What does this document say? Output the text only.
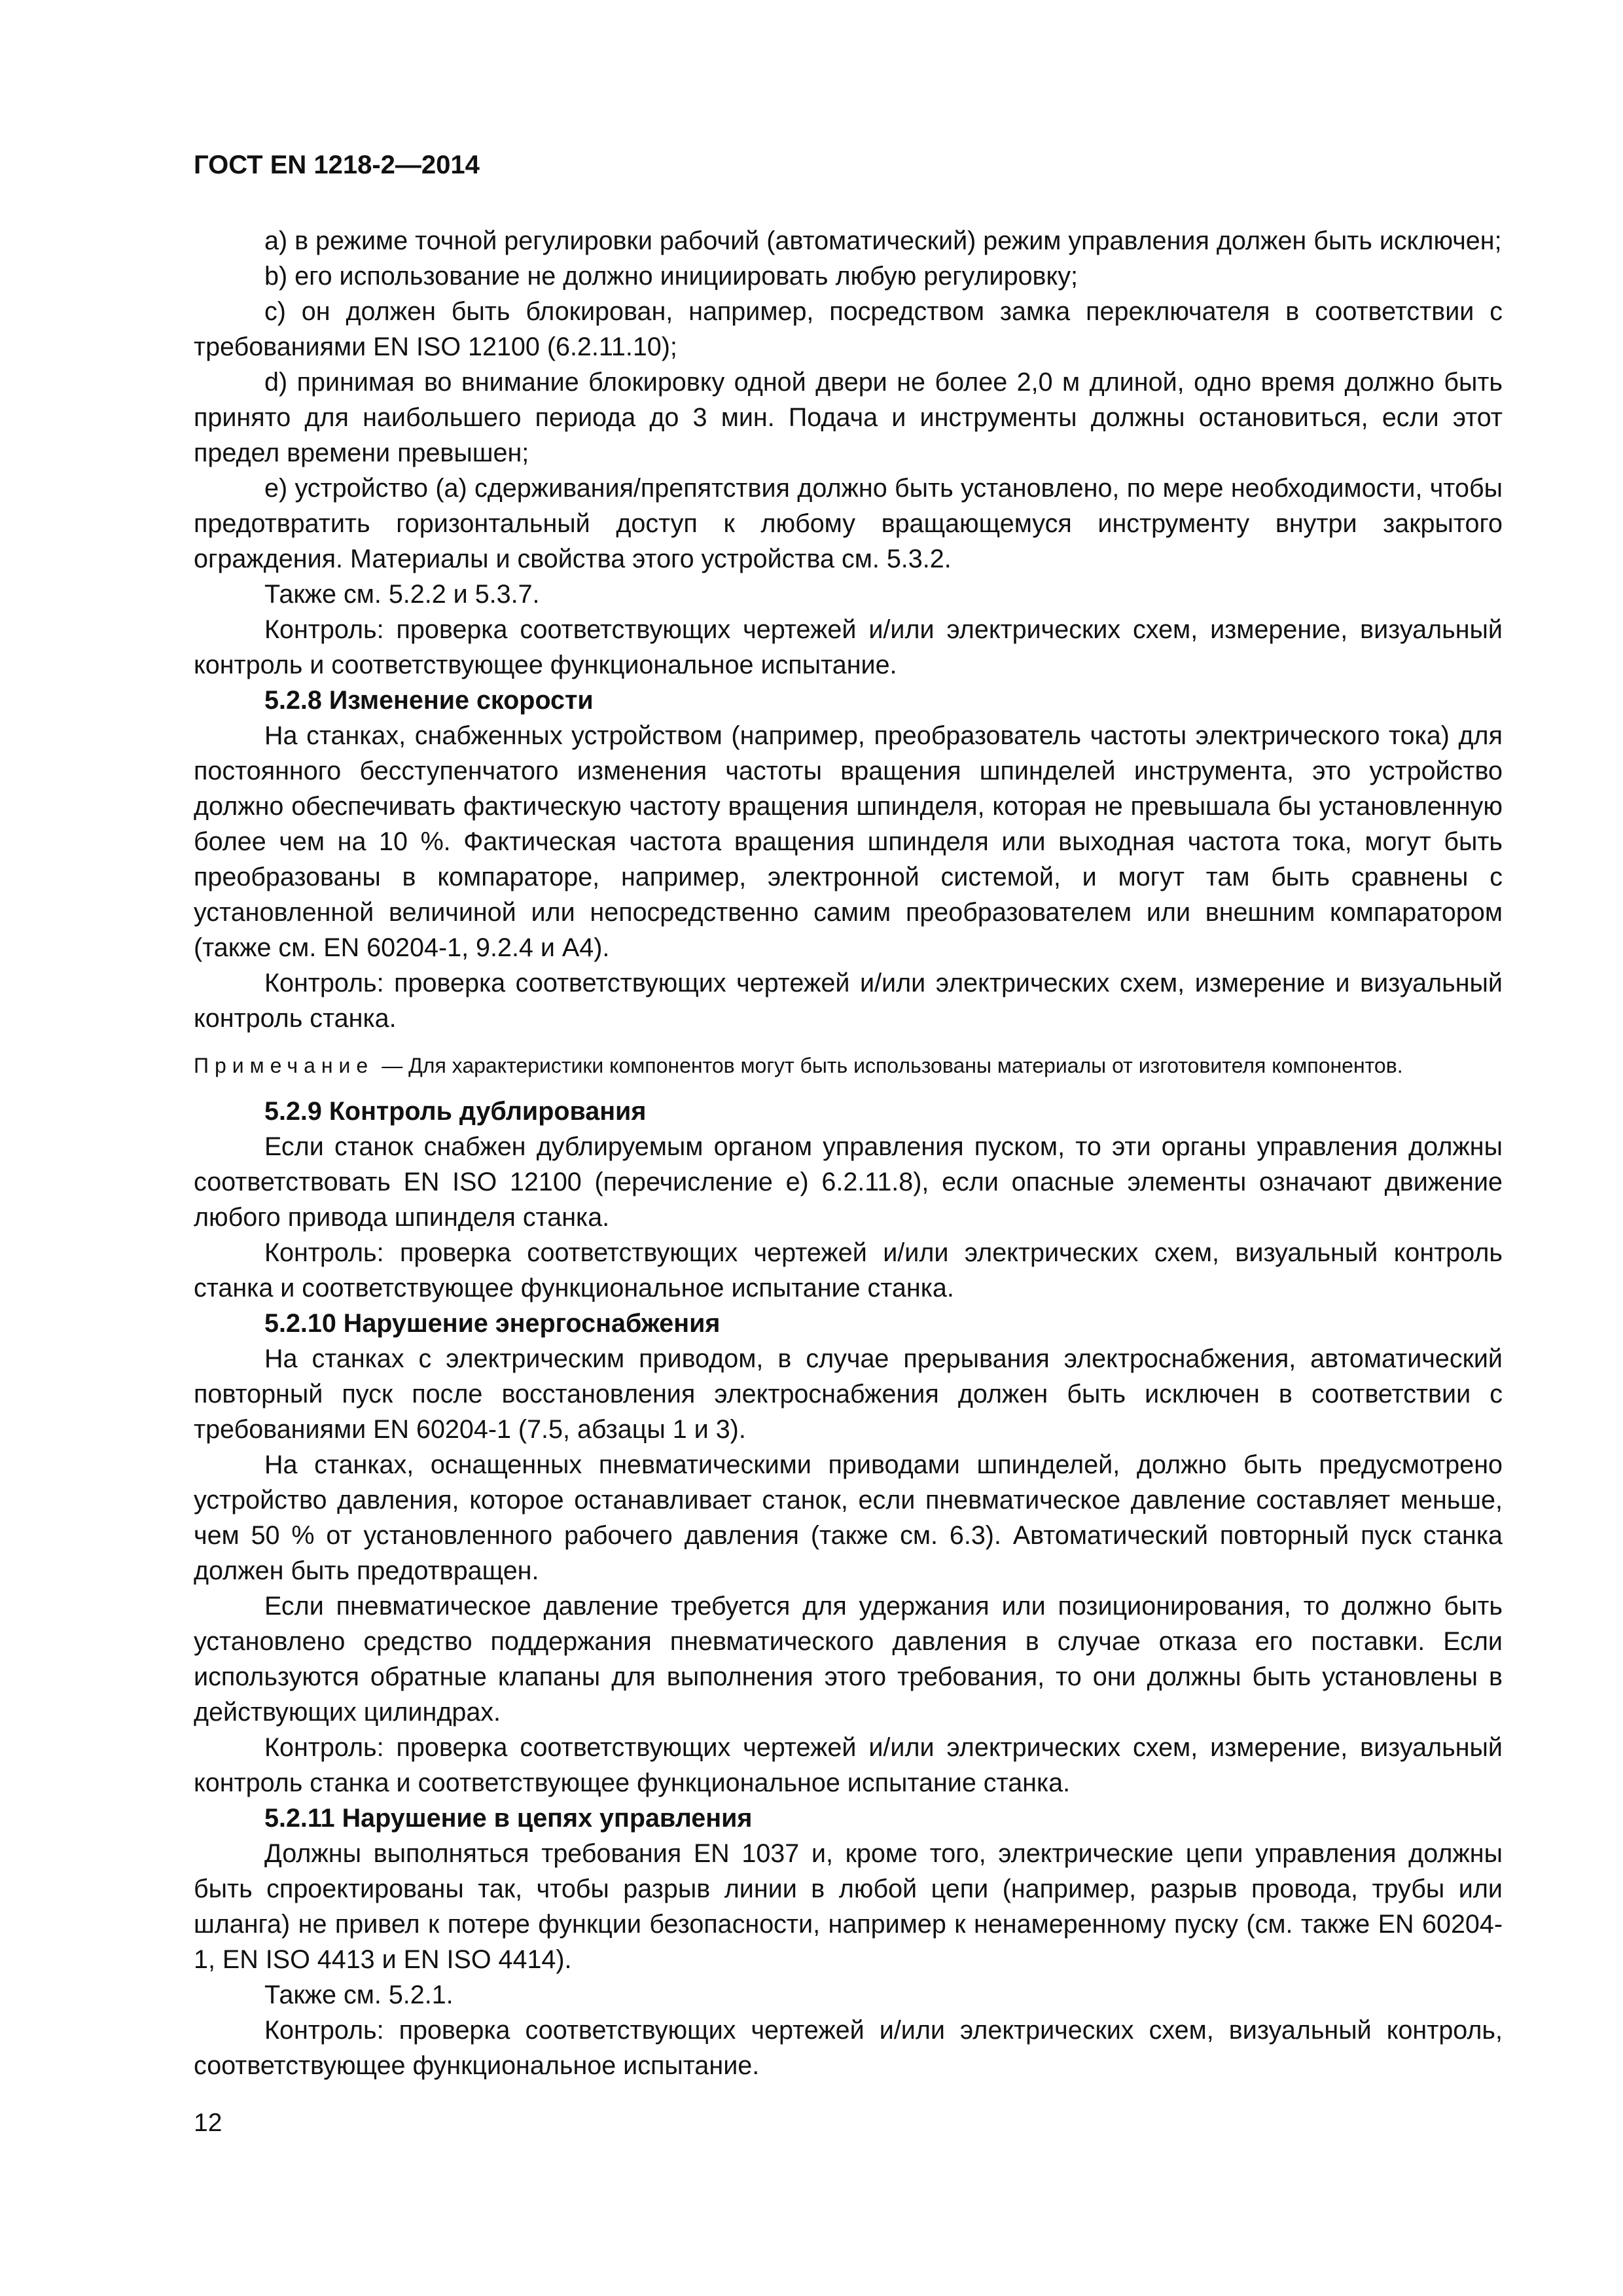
ГОСТ EN 1218-2—2014

a) в режиме точной регулировки рабочий (автоматический) режим управления должен быть исключен;

b) его использование не должно инициировать любую регулировку;

c) он должен быть блокирован, например, посредством замка переключателя в соответствии с требованиями EN ISO 12100 (6.2.11.10);

d) принимая во внимание блокировку одной двери не более 2,0 м длиной, одно время должно быть принято для наибольшего периода до 3 мин. Подача и инструменты должны остановиться, если этот предел времени превышен;

e) устройство (a) сдерживания/препятствия должно быть установлено, по мере необходимости, чтобы предотвратить горизонтальный доступ к любому вращающемуся инструменту внутри закрытого ограждения. Материалы и свойства этого устройства см. 5.3.2.

Также см. 5.2.2 и 5.3.7.

Контроль: проверка соответствующих чертежей и/или электрических схем, измерение, визуальный контроль и соответствующее функциональное испытание.

5.2.8 Изменение скорости

На станках, снабженных устройством (например, преобразователь частоты электрического тока) для постоянного бесступенчатого изменения частоты вращения шпинделей инструмента, это устройство должно обеспечивать фактическую частоту вращения шпинделя, которая не превышала бы установленную более чем на 10 %. Фактическая частота вращения шпинделя или выходная частота тока, могут быть преобразованы в компараторе, например, электронной системой, и могут там быть сравнены с установленной величиной или непосредственно самим преобразователем или внешним компаратором (также см. EN 60204-1, 9.2.4 и A4).

Контроль: проверка соответствующих чертежей и/или электрических схем, измерение и визуальный контроль станка.

Примечание — Для характеристики компонентов могут быть использованы материалы от изготовителя компонентов.

5.2.9 Контроль дублирования

Если станок снабжен дублируемым органом управления пуском, то эти органы управления должны соответствовать EN ISO 12100 (перечисление e) 6.2.11.8), если опасные элементы означают движение любого привода шпинделя станка.

Контроль: проверка соответствующих чертежей и/или электрических схем, визуальный контроль станка и соответствующее функциональное испытание станка.

5.2.10 Нарушение энергоснабжения

На станках с электрическим приводом, в случае прерывания электроснабжения, автоматический повторный пуск после восстановления электроснабжения должен быть исключен в соответствии с требованиями EN 60204-1 (7.5, абзацы 1 и 3).

На станках, оснащенных пневматическими приводами шпинделей, должно быть предусмотрено устройство давления, которое останавливает станок, если пневматическое давление составляет меньше, чем 50 % от установленного рабочего давления (также см. 6.3). Автоматический повторный пуск станка должен быть предотвращен.

Если пневматическое давление требуется для удержания или позиционирования, то должно быть установлено средство поддержания пневматического давления в случае отказа его поставки. Если используются обратные клапаны для выполнения этого требования, то они должны быть установлены в действующих цилиндрах.

Контроль: проверка соответствующих чертежей и/или электрических схем, измерение, визуальный контроль станка и соответствующее функциональное испытание станка.

5.2.11 Нарушение в цепях управления

Должны выполняться требования EN 1037 и, кроме того, электрические цепи управления должны быть спроектированы так, чтобы разрыв линии в любой цепи (например, разрыв провода, трубы или шланга) не привел к потере функции безопасности, например к ненамеренному пуску (см. также EN 60204-1, EN ISO 4413 и EN ISO 4414).

Также см. 5.2.1.

Контроль: проверка соответствующих чертежей и/или электрических схем, визуальный контроль, соответствующее функциональное испытание.

12
